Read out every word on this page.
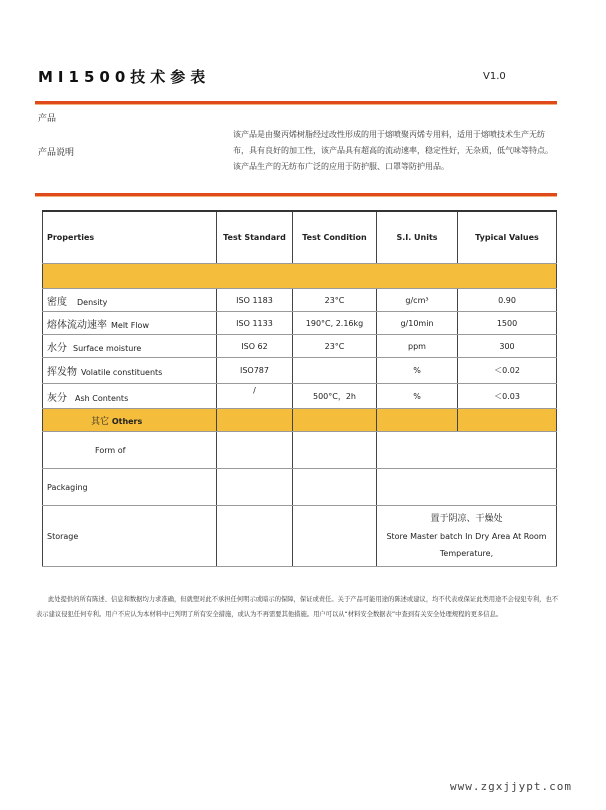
MI1500技术参表	V1.0
产品
产品说明
该产品是由聚丙烯树脂经过改性形成的用于熔喷聚丙烯专用料，适用于熔喷技术生产无纺布，具有良好的加工性，该产品具有超高的流动速率，稳定性好，无杂质，低气味等特点。该产品生产的无纺布广泛的应用于防护服、口罩等防护用品。
Properties	Test Standard	Test Condition	S.I. Units	Typical Values

密度 Density	ISO 1183	23°C	g/cm³	0.90
熔体流动速率 Melt Flow	ISO 1133	190°C, 2.16kg	g/10min	1500
水分 Surface moisture	ISO 62	23°C	ppm	300
挥发物 Volatile constituents	ISO787		%	＜0.02
灰分 Ash Contents	/	500°C，2h	%	＜0.03
其它 Others				
Form of				
Packaging				
Storage			置于阴凉、干燥处
Store Master batch In Dry Area At Room Temperature,	
此处提供的所有陈述、信息和数据均力求准确，但就塑对此不承担任何明示或暗示的保障，保证或责任。关于产品可能用途的陈述或建议，均不代表或保证此类用途不会侵犯专利，也不表示建议侵犯任何专利。用户不应认为本材料中已列明了所有安全措施，或认为不再需要其他措施。用户可以从“材料安全数据表”中查到有关安全处理规程的更多信息。
www.zgxjjypt.com
